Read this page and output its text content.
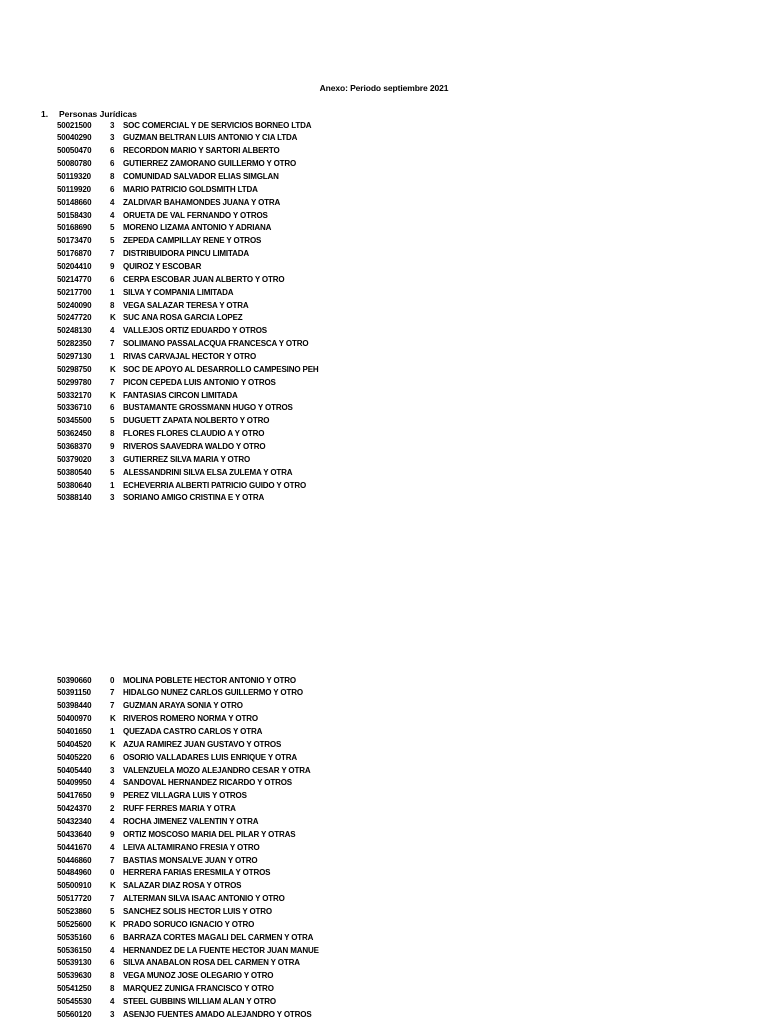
Anexo: Periodo septiembre 2021
1. Personas Jurídicas
50021500 3 SOC COMERCIAL Y DE SERVICIOS BORNEO LTDA
50040290 3 GUZMAN BELTRAN LUIS ANTONIO Y CIA LTDA
50050470 6 RECORDON MARIO Y SARTORI ALBERTO
50080780 6 GUTIERREZ ZAMORANO GUILLERMO Y OTRO
50119320 8 COMUNIDAD SALVADOR ELIAS SIMGLAN
50119920 6 MARIO PATRICIO GOLDSMITH LTDA
50148660 4 ZALDIVAR BAHAMONDES JUANA Y OTRA
50158430 4 ORUETA DE VAL FERNANDO Y OTROS
50168690 5 MORENO LIZAMA ANTONIO Y ADRIANA
50173470 5 ZEPEDA CAMPILLAY RENE Y OTROS
50176870 7 DISTRIBUIDORA PINCU LIMITADA
50204410 9 QUIROZ Y ESCOBAR
50214770 6 CERPA ESCOBAR JUAN ALBERTO Y OTRO
50217700 1 SILVA Y COMPANIA LIMITADA
50240090 8 VEGA SALAZAR TERESA Y OTRA
50247720 K SUC ANA ROSA GARCIA LOPEZ
50248130 4 VALLEJOS ORTIZ EDUARDO Y OTROS
50282350 7 SOLIMANO PASSALACQUA FRANCESCA Y OTRO
50297130 1 RIVAS CARVAJAL HECTOR Y OTRO
50298750 K SOC DE APOYO AL DESARROLLO CAMPESINO PEH
50299780 7 PICON CEPEDA LUIS ANTONIO Y OTROS
50332170 K FANTASIAS CIRCON LIMITADA
50336710 6 BUSTAMANTE GROSSMANN HUGO Y OTROS
50345500 5 DUGUETT ZAPATA NOLBERTO Y OTRO
50362450 8 FLORES FLORES CLAUDIO A Y OTRO
50368370 9 RIVEROS SAAVEDRA WALDO Y OTRO
50379020 3 GUTIERREZ SILVA MARIA Y OTRO
50380540 5 ALESSANDRINI SILVA ELSA ZULEMA Y OTRA
50380640 1 ECHEVERRIA ALBERTI PATRICIO GUIDO Y OTRO
50388140 3 SORIANO AMIGO CRISTINA E Y OTRA
50390660 0 MOLINA POBLETE HECTOR ANTONIO Y OTRO
50391150 7 HIDALGO NUNEZ CARLOS GUILLERMO Y OTRO
50398440 7 GUZMAN ARAYA SONIA Y OTRO
50400970 K RIVEROS ROMERO NORMA Y OTRO
50401650 1 QUEZADA CASTRO CARLOS Y OTRA
50404520 K AZUA RAMIREZ JUAN GUSTAVO Y OTROS
50405220 6 OSORIO VALLADARES LUIS ENRIQUE Y OTRA
50405440 3 VALENZUELA MOZO ALEJANDRO CESAR Y OTRA
50409950 4 SANDOVAL HERNANDEZ RICARDO Y OTROS
50417650 9 PEREZ VILLAGRA LUIS Y OTROS
50424370 2 RUFF FERRES MARIA Y OTRA
50432340 4 ROCHA JIMENEZ VALENTIN Y OTRA
50433640 9 ORTIZ MOSCOSO MARIA DEL PILAR Y OTRAS
50441670 4 LEIVA ALTAMIRANO FRESIA Y OTRO
50446860 7 BASTIAS MONSALVE JUAN Y OTRO
50484960 0 HERRERA FARIAS ERESMILA Y OTROS
50500910 K SALAZAR DIAZ ROSA Y OTROS
50517720 7 ALTERMAN SILVA ISAAC ANTONIO Y OTRO
50523860 5 SANCHEZ SOLIS HECTOR LUIS Y OTRO
50525600 K PRADO SORUCO IGNACIO Y OTRO
50535160 6 BARRAZA CORTES MAGALI DEL CARMEN Y OTRA
50536150 4 HERNANDEZ DE LA FUENTE HECTOR JUAN MANUE
50539130 6 SILVA ANABALON ROSA DEL CARMEN Y OTRA
50539630 8 VEGA MUNOZ JOSE OLEGARIO Y OTRO
50541250 8 MARQUEZ ZUNIGA FRANCISCO Y OTRO
50545530 4 STEEL GUBBINS WILLIAM ALAN Y OTRO
50560120 3 ASENJO FUENTES AMADO ALEJANDRO Y OTROS
